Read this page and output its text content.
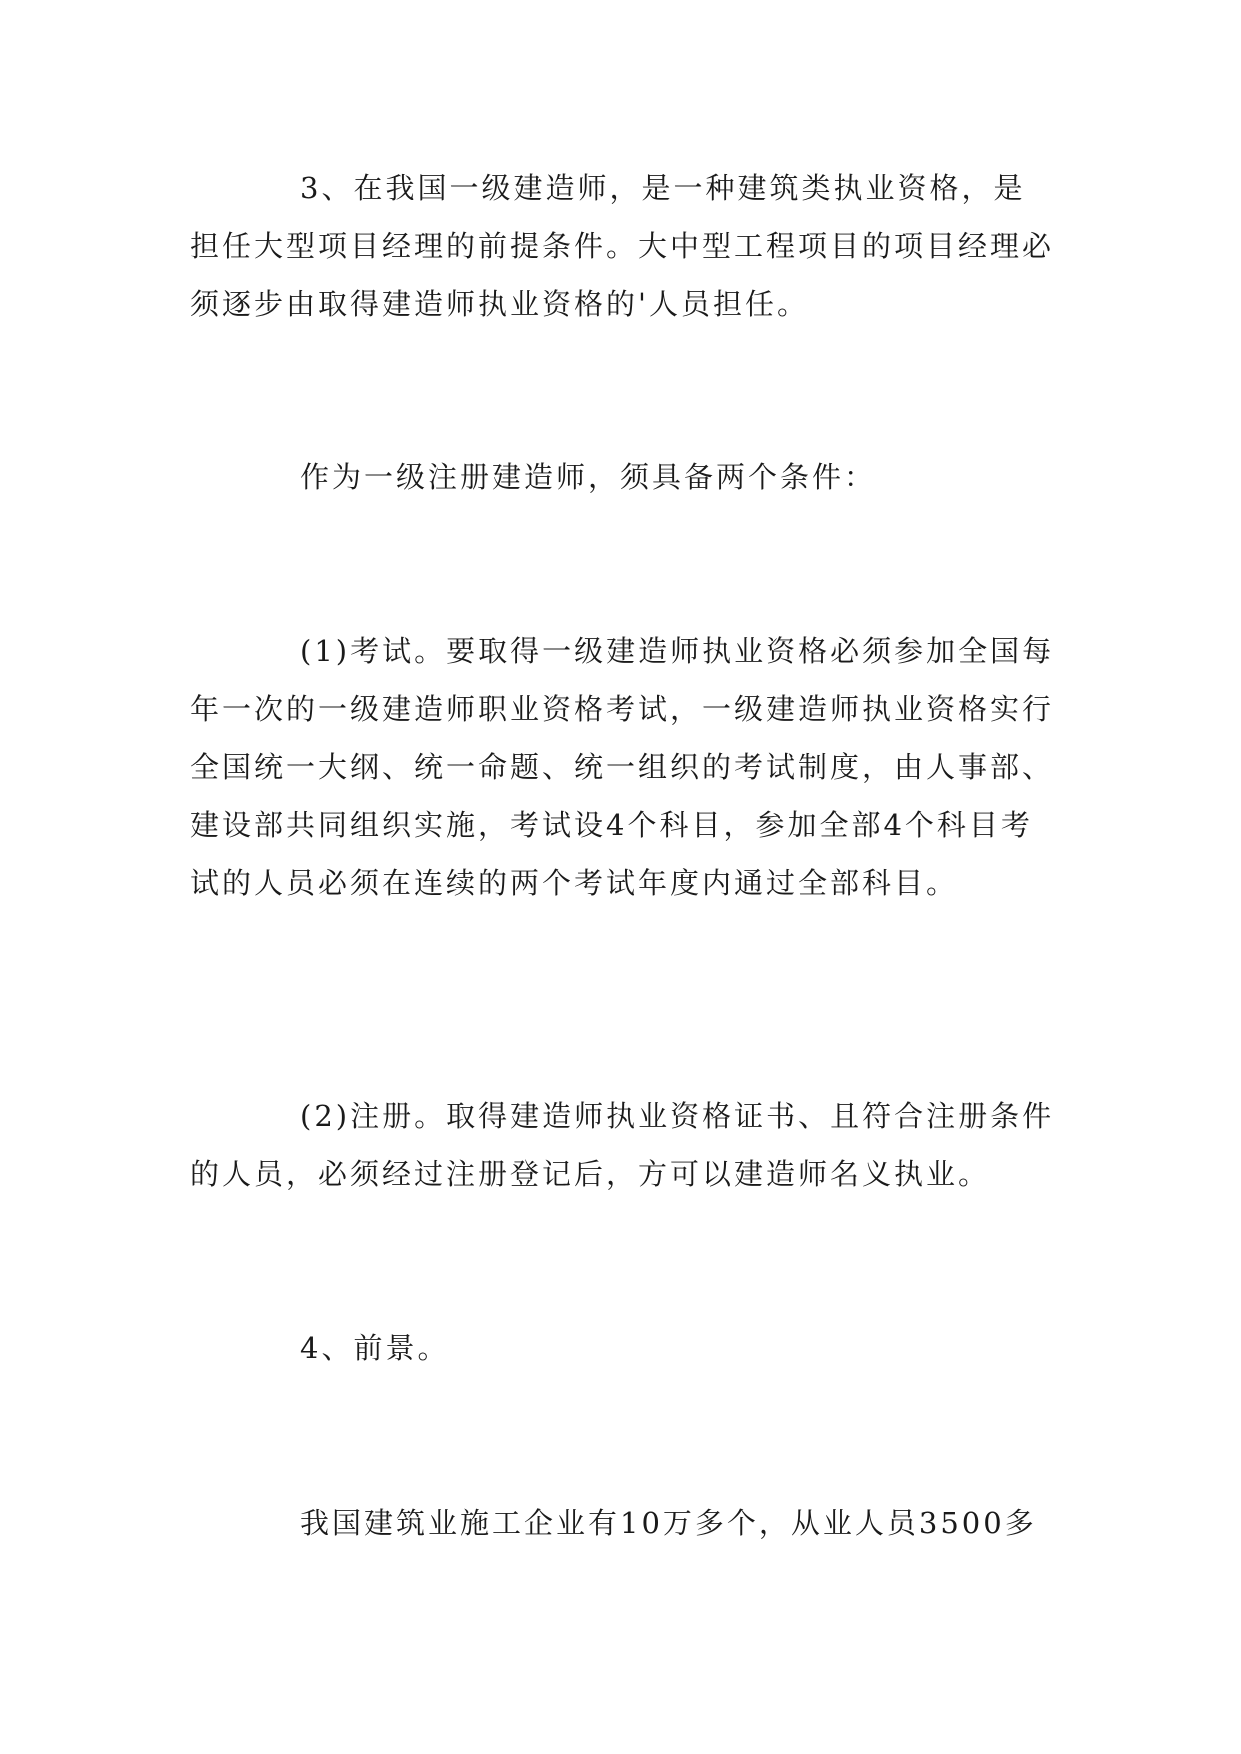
3、在我国一级建造师，是一种建筑类执业资格，是担任大型项目经理的前提条件。大中型工程项目的项目经理必须逐步由取得建造师执业资格的'人员担任。

作为一级注册建造师，须具备两个条件：

(1)考试。要取得一级建造师执业资格必须参加全国每年一次的一级建造师职业资格考试，一级建造师执业资格实行全国统一大纲、统一命题、统一组织的考试制度，由人事部、建设部共同组织实施，考试设4个科目，参加全部4个科目考试的人员必须在连续的两个考试年度内通过全部科目。

(2)注册。取得建造师执业资格证书、且符合注册条件的人员，必须经过注册登记后，方可以建造师名义执业。

4、前景。

我国建筑业施工企业有10万多个，从业人员3500多
